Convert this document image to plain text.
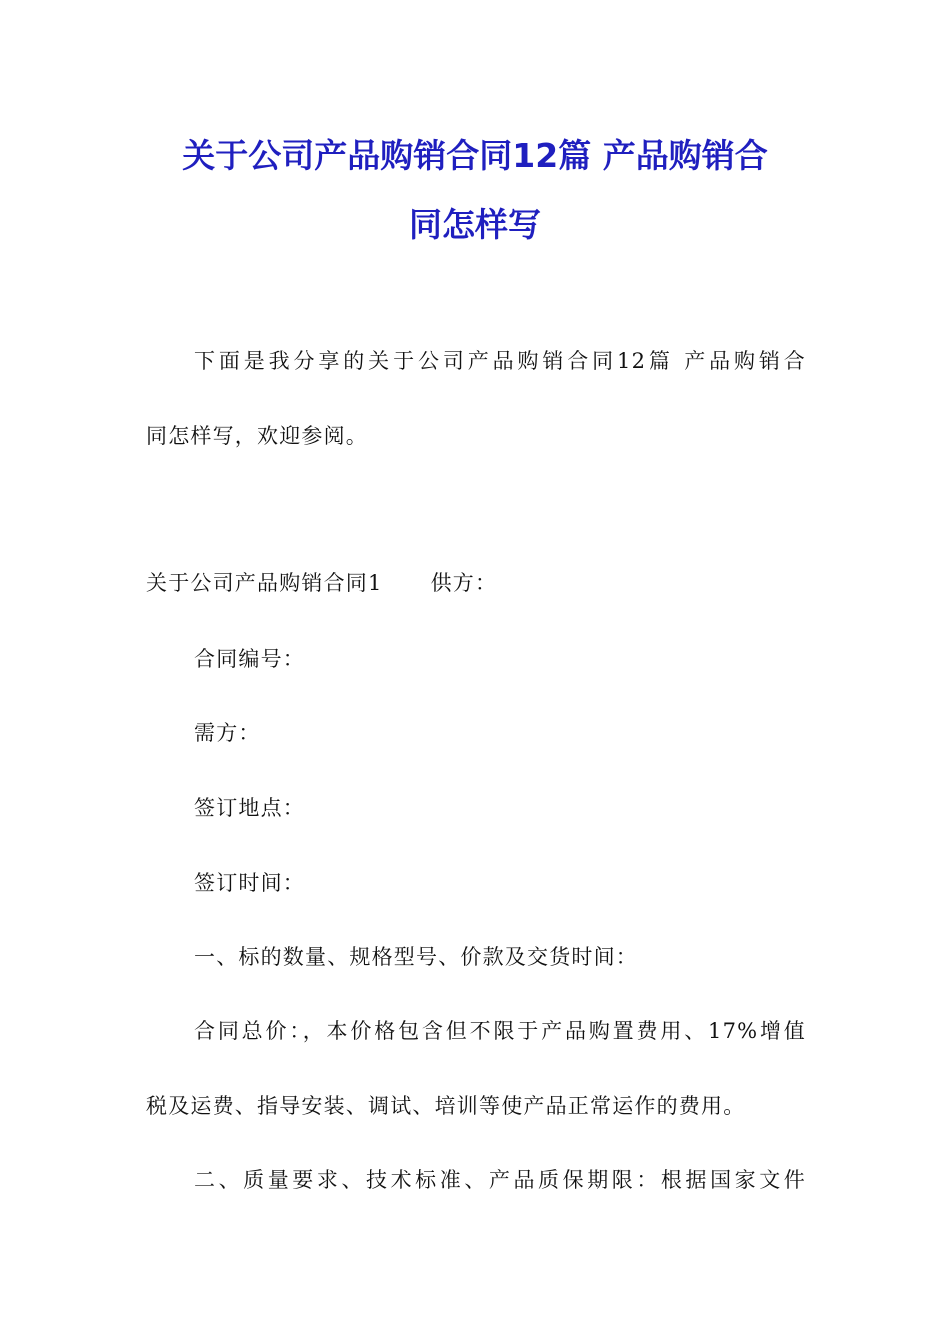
关于公司产品购销合同12篇 产品购销合
同怎样写
下面是我分享的关于公司产品购销合同12篇 产品购销合
同怎样写，欢迎参阅。
关于公司产品购销合同1 供方：
合同编号：
需方：
签订地点：
签订时间：
一、标的数量、规格型号、价款及交货时间：
合同总价：，本价格包含但不限于产品购置费用、17%增值
税及运费、指导安装、调试、培训等使产品正常运作的费用。
二、质量要求、技术标准、产品质保期限：根据国家文件
